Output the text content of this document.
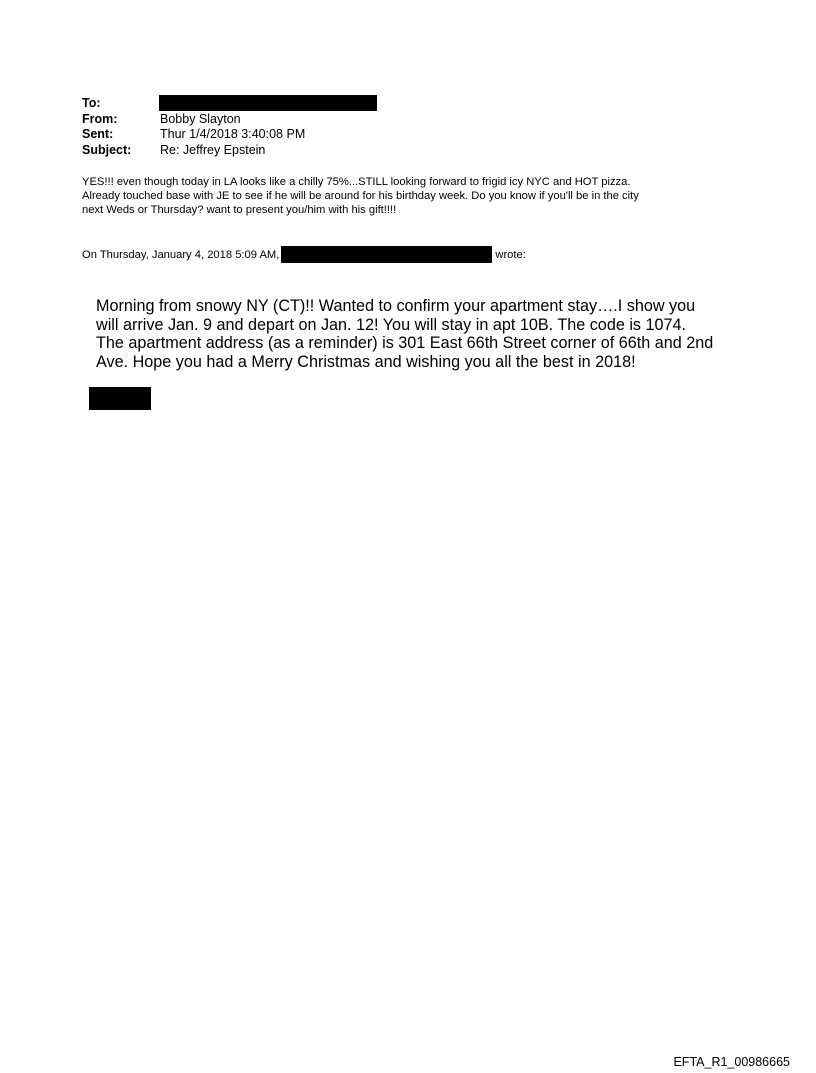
To:
From:	Bobby Slayton
Sent:	Thur 1/4/2018 3:40:08 PM
Subject:	Re: Jeffrey Epstein
YES!!! even though today in LA looks like a chilly 75%...STILL looking forward to frigid icy NYC and HOT pizza.
Already touched base with JE to see if he will be around for his birthday week. Do you know if you'll be in the city
next Weds or Thursday? want to present you/him with his gift!!!!
On Thursday, January 4, 2018 5:09 AM,	wrote:
Morning from snowy NY (CT)!! Wanted to confirm your apartment stay….I show you
will arrive Jan. 9 and depart on Jan. 12! You will stay in apt 10B. The code is 1074.
The apartment address (as a reminder) is 301 East 66th Street corner of 66th and 2nd
Ave. Hope you had a Merry Christmas and wishing you all the best in 2018!
EFTA_R1_00986665
